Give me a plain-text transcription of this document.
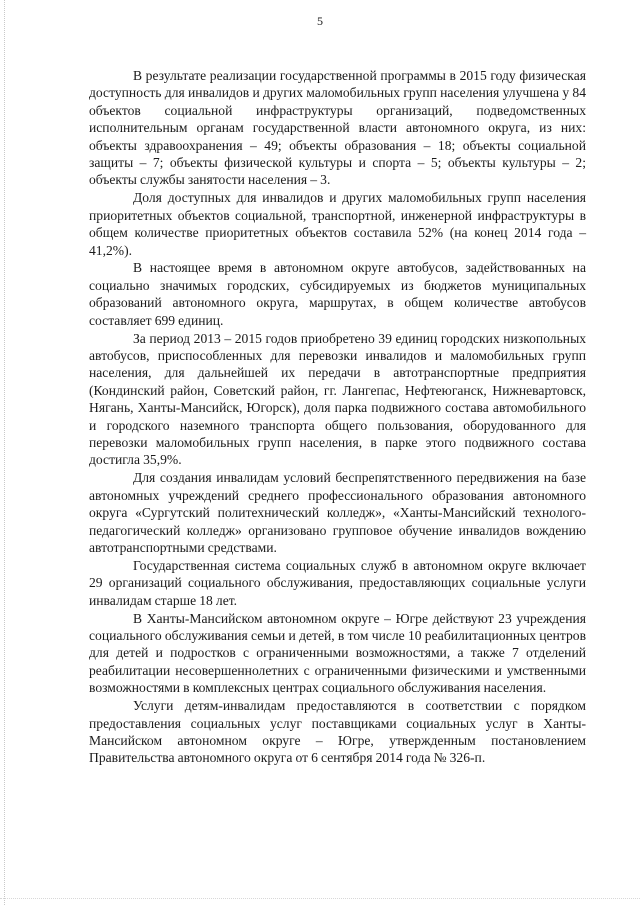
5

В результате реализации государственной программы в 2015 году физическая доступность для инвалидов и других маломобильных групп населения улучшена у 84 объектов социальной инфраструктуры организаций, подведомственных исполнительным органам государственной власти автономного округа, из них: объекты здравоохранения – 49; объекты образования – 18; объекты социальной защиты – 7; объекты физической культуры и спорта – 5; объекты культуры – 2; объекты службы занятости населения – 3.

Доля доступных для инвалидов и других маломобильных групп населения приоритетных объектов социальной, транспортной, инженерной инфраструктуры в общем количестве приоритетных объектов составила 52% (на конец 2014 года – 41,2%).

В настоящее время в автономном округе автобусов, задействованных на социально значимых городских, субсидируемых из бюджетов муниципальных образований автономного округа, маршрутах, в общем количестве автобусов составляет 699 единиц.

За период 2013 – 2015 годов приобретено 39 единиц городских низкопольных автобусов, приспособленных для перевозки инвалидов и маломобильных групп населения, для дальнейшей их передачи в автотранспортные предприятия (Кондинский район, Советский район, гг. Лангепас, Нефтеюганск, Нижневартовск, Нягань, Ханты-Мансийск, Югорск), доля парка подвижного состава автомобильного и городского наземного транспорта общего пользования, оборудованного для перевозки маломобильных групп населения, в парке этого подвижного состава достигла 35,9%.

Для создания инвалидам условий беспрепятственного передвижения на базе автономных учреждений среднего профессионального образования автономного округа «Сургутский политехнический колледж», «Ханты-Мансийский технолого-педагогический колледж» организовано групповое обучение инвалидов вождению автотранспортными средствами.

Государственная система социальных служб в автономном округе включает 29 организаций социального обслуживания, предоставляющих социальные услуги инвалидам старше 18 лет.

В Ханты-Мансийском автономном округе – Югре действуют 23 учреждения социального обслуживания семьи и детей, в том числе 10 реабилитационных центров для детей и подростков с ограниченными возможностями, а также 7 отделений реабилитации несовершеннолетних с ограниченными физическими и умственными возможностями в комплексных центрах социального обслуживания населения.

Услуги детям-инвалидам предоставляются в соответствии с порядком предоставления социальных услуг поставщиками социальных услуг в Ханты-Мансийском автономном округе – Югре, утвержденным постановлением Правительства автономного округа от 6 сентября 2014 года № 326-п.
